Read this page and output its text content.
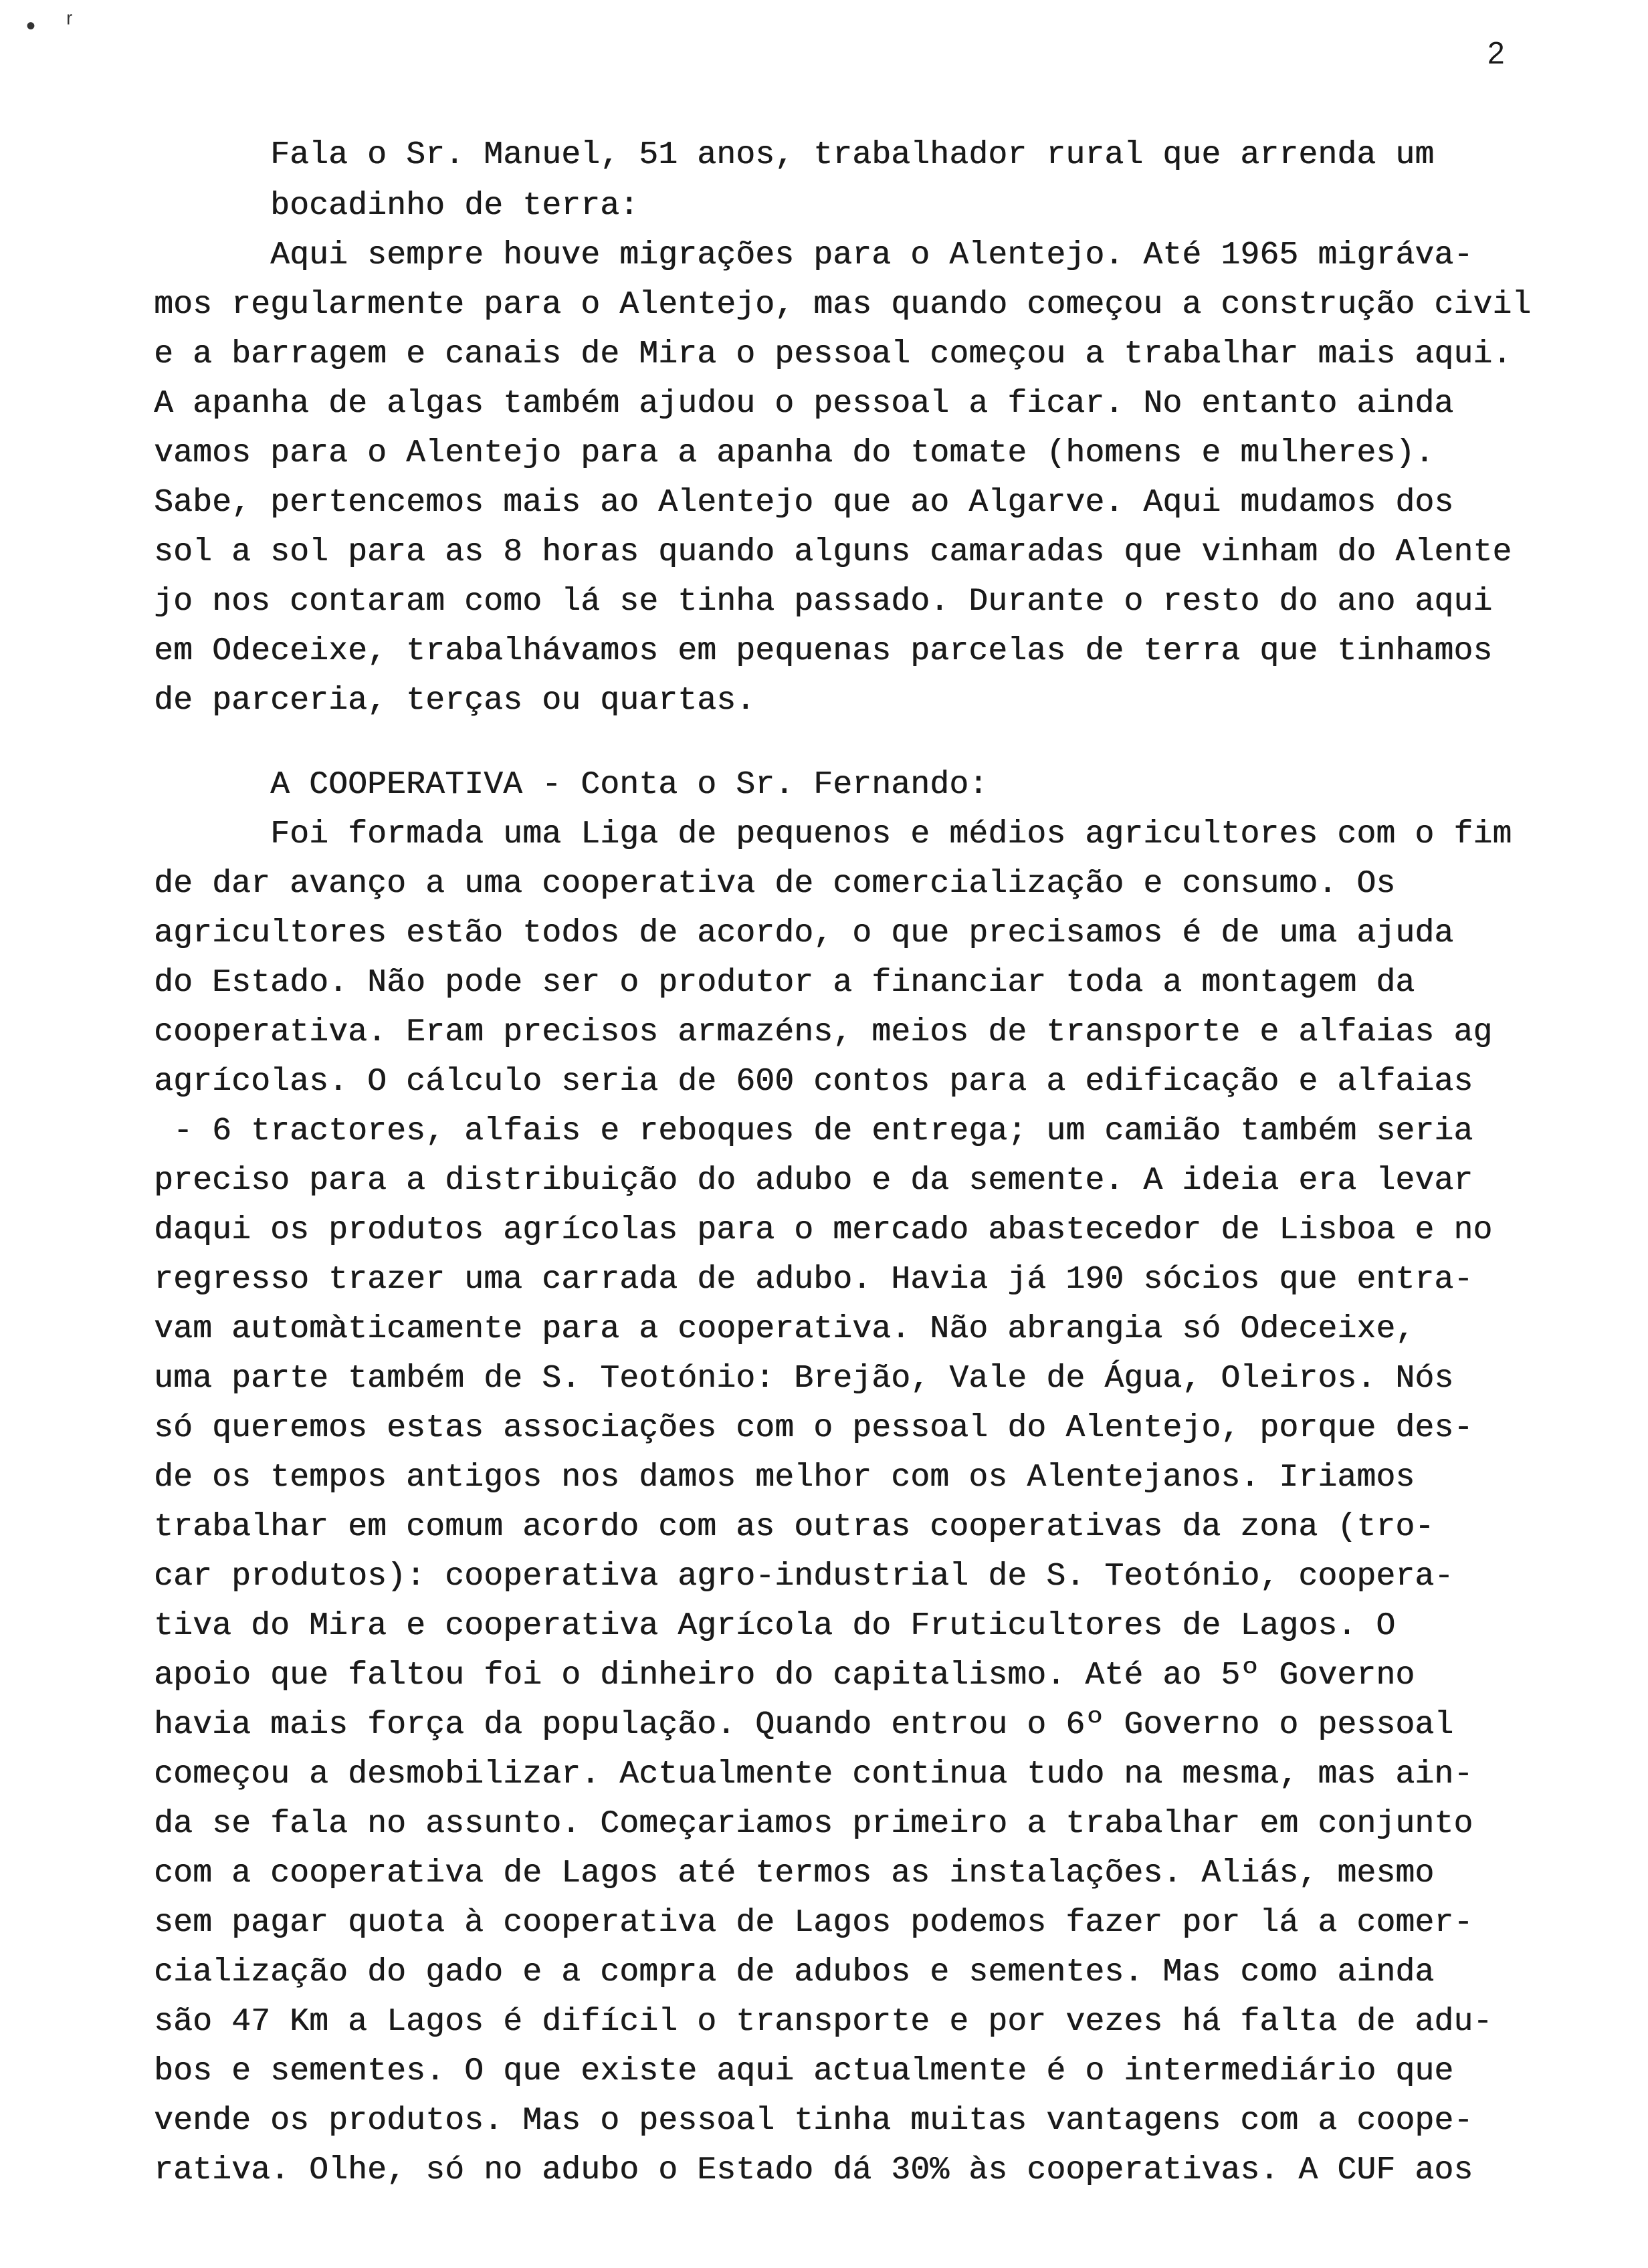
• ʳ
2
Fala o Sr. Manuel, 51 anos, trabalhador rural que arrenda um
bocadinho de terra:
Aqui sempre houve migrações para o Alentejo. Até 1965 migráva-
mos regularmente para o Alentejo, mas quando começou a construção civil
e a barragem e canais de Mira o pessoal começou a trabalhar mais aqui.
A apanha de algas também ajudou o pessoal a ficar. No entanto ainda
vamos para o Alentejo para a apanha do tomate (homens e mulheres).
Sabe, pertencemos mais ao Alentejo que ao Algarve. Aqui mudamos dos
sol a sol para as 8 horas quando alguns camaradas que vinham do Alente
jo nos contaram como lá se tinha passado. Durante o resto do ano aqui
em Odeceixe, trabalhávamos em pequenas parcelas de terra que tinhamos
de parceria, terças ou quartas.
A COOPERATIVA - Conta o Sr. Fernando:
Foi formada uma Liga de pequenos e médios agricultores com o fim
de dar avanço a uma cooperativa de comercialização e consumo. Os
agricultores estão todos de acordo, o que precisamos é de uma ajuda
do Estado. Não pode ser o produtor a financiar toda a montagem da
cooperativa. Eram precisos armazéns, meios de transporte e alfaias ag
agrícolas. O cálculo seria de 600 contos para a edificação e alfaias
- 6 tractores, alfais e reboques de entrega; um camião também seria
preciso para a distribuição do adubo e da semente. A ideia era levar
daqui os produtos agrícolas para o mercado abastecedor de Lisboa e no
regresso trazer uma carrada de adubo. Havia já 190 sócios que entra-
vam automàticamente para a cooperativa. Não abrangia só Odeceixe,
uma parte também de S. Teotónio: Brejão, Vale de Água, Oleiros. Nós
só queremos estas associações com o pessoal do Alentejo, porque des-
de os tempos antigos nos damos melhor com os Alentejanos. Iriamos
trabalhar em comum acordo com as outras cooperativas da zona (tro-
car produtos): cooperativa agro-industrial de S. Teotónio, coopera-
tiva do Mira e cooperativa Agrícola do Fruticultores de Lagos. O
apoio que faltou foi o dinheiro do capitalismo. Até ao 5º Governo
havia mais força da população. Quando entrou o 6º Governo o pessoal
começou a desmobilizar. Actualmente continua tudo na mesma, mas ain-
da se fala no assunto. Começariamos primeiro a trabalhar em conjunto
com a cooperativa de Lagos até termos as instalações. Aliás, mesmo
sem pagar quota à cooperativa de Lagos podemos fazer por lá a comer-
cialização do gado e a compra de adubos e sementes. Mas como ainda
são 47 Km a Lagos é difícil o transporte e por vezes há falta de adu-
bos e sementes. O que existe aqui actualmente é o intermediário que
vende os produtos. Mas o pessoal tinha muitas vantagens com a coope-
rativa. Olhe, só no adubo o Estado dá 30% às cooperativas. A CUF aos
